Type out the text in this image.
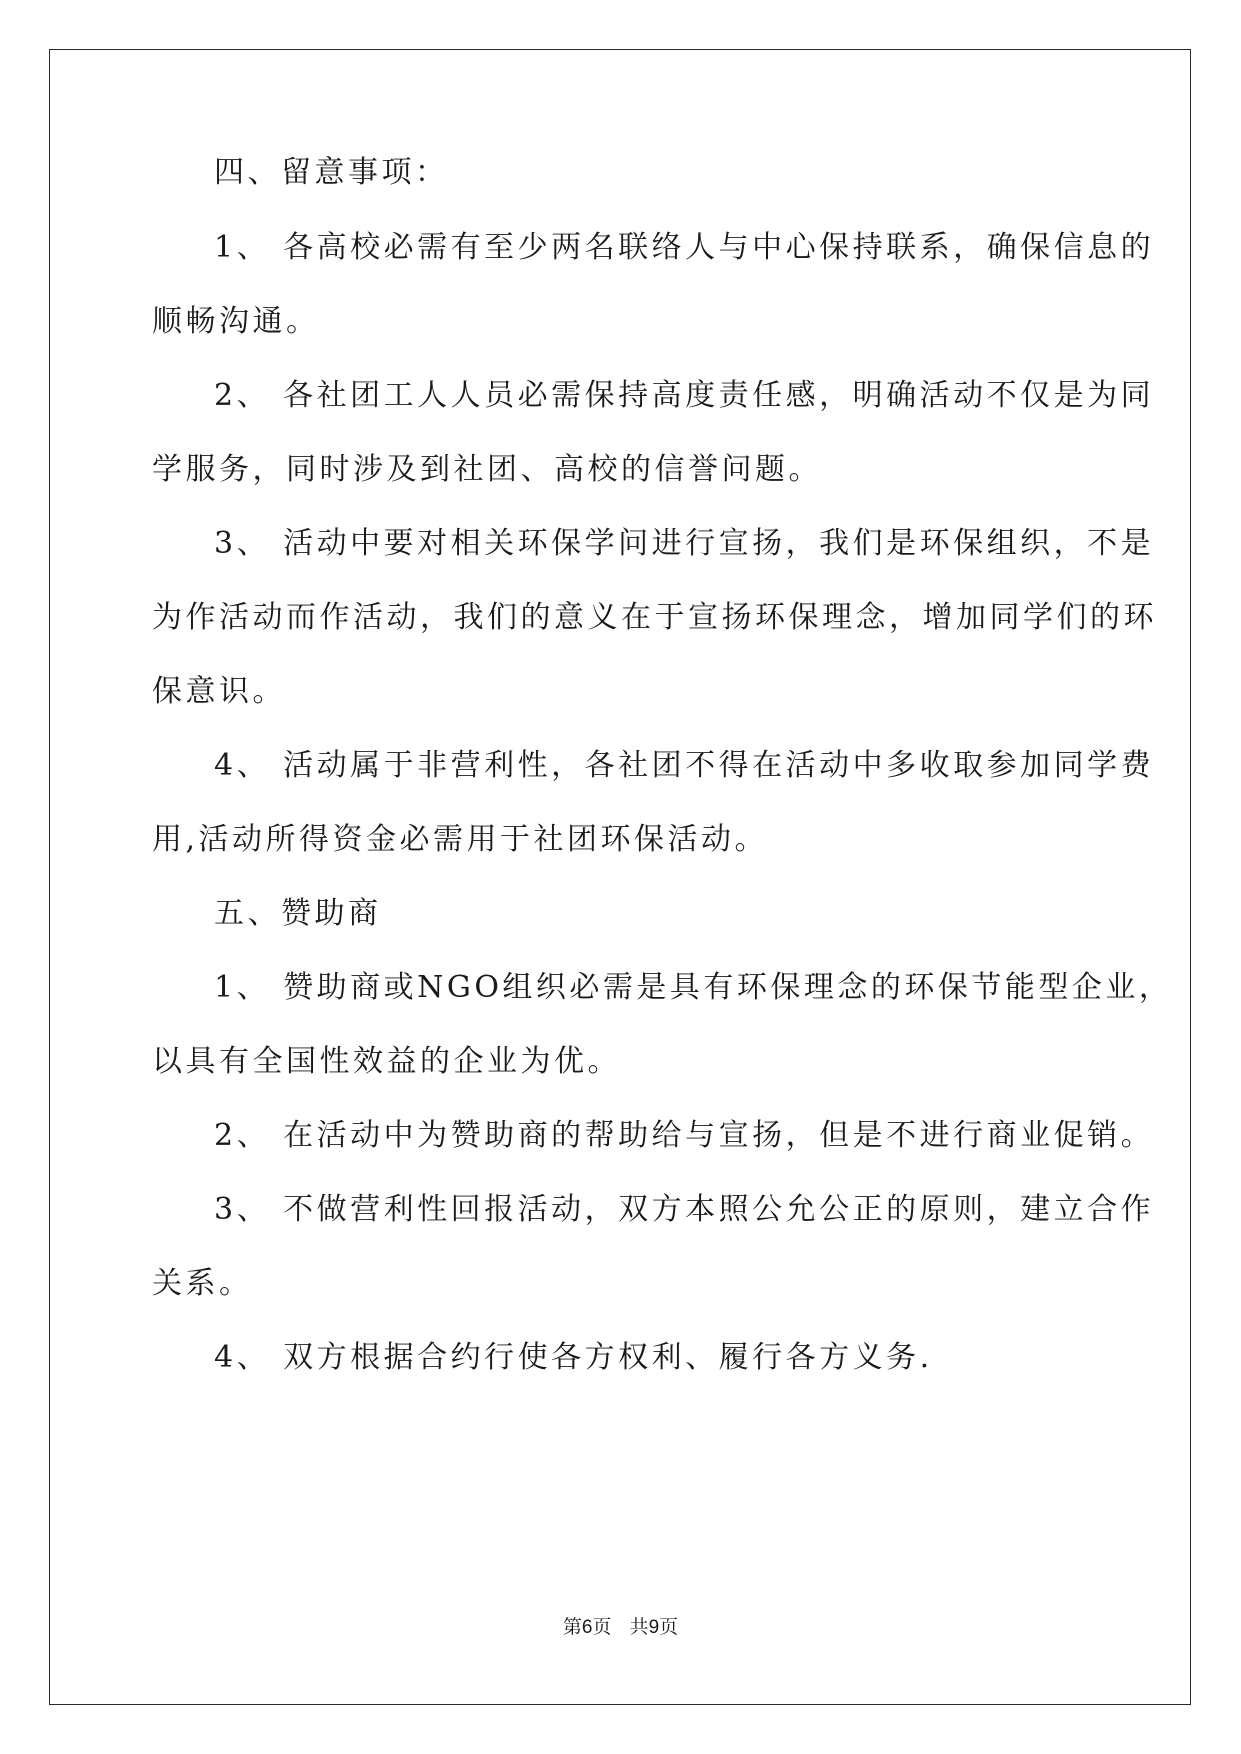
四、留意事项：
1、 各高校必需有至少两名联络人与中心保持联系，确保信息的
顺畅沟通。
2、 各社团工人人员必需保持高度责任感，明确活动不仅是为同
学服务，同时涉及到社团、高校的信誉问题。
3、 活动中要对相关环保学问进行宣扬，我们是环保组织，不是
为作活动而作活动，我们的意义在于宣扬环保理念，增加同学们的环
保意识。
4、 活动属于非营利性，各社团不得在活动中多收取参加同学费
用,活动所得资金必需用于社团环保活动。
五、赞助商
1、 赞助商或NGO组织必需是具有环保理念的环保节能型企业，
以具有全国性效益的企业为优。
2、 在活动中为赞助商的帮助给与宣扬，但是不进行商业促销。
3、 不做营利性回报活动，双方本照公允公正的原则，建立合作
关系。
4、 双方根据合约行使各方权利、履行各方义务.
第6页   共9页
